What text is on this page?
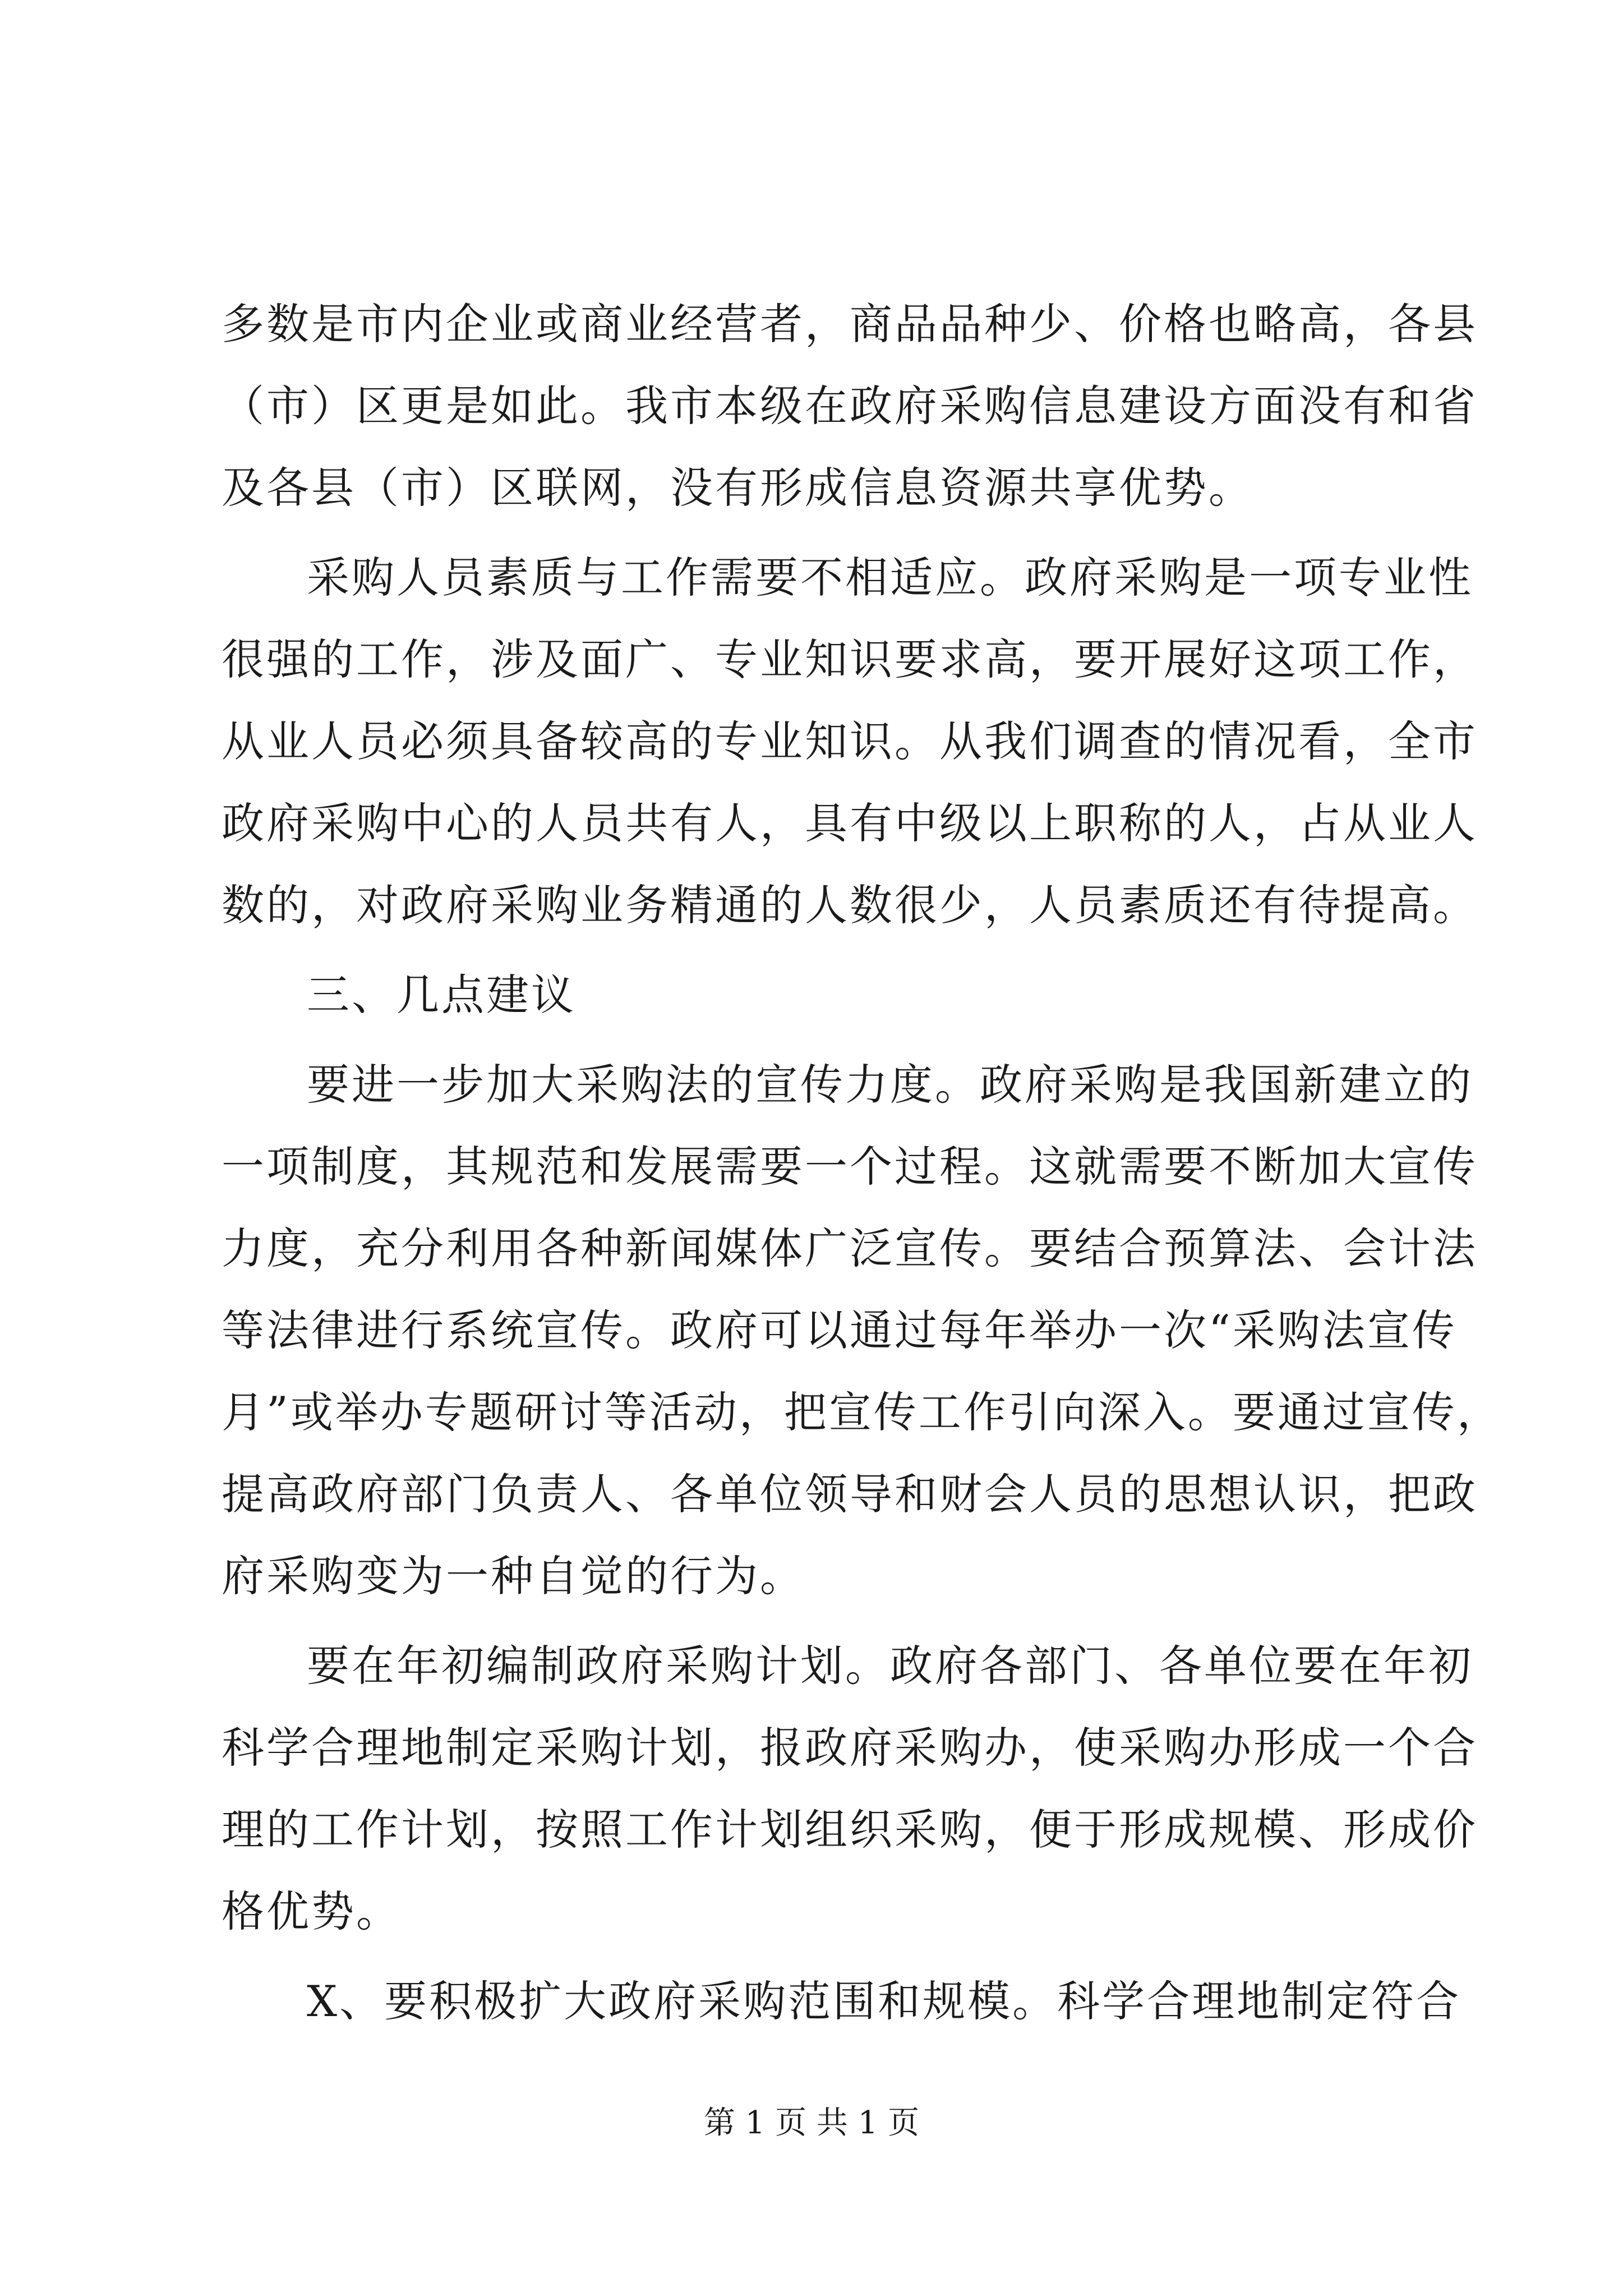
多数是市内企业或商业经营者，商品品种少、价格也略高，各县
（市）区更是如此。我市本级在政府采购信息建设方面没有和省
及各县（市）区联网，没有形成信息资源共享优势。
采购人员素质与工作需要不相适应。政府采购是一项专业性
很强的工作，涉及面广、专业知识要求高，要开展好这项工作，
从业人员必须具备较高的专业知识。从我们调查的情况看，全市
政府采购中心的人员共有人，具有中级以上职称的人，占从业人
数的，对政府采购业务精通的人数很少，人员素质还有待提高。
三、几点建议
要进一步加大采购法的宣传力度。政府采购是我国新建立的
一项制度，其规范和发展需要一个过程。这就需要不断加大宣传
力度，充分利用各种新闻媒体广泛宣传。要结合预算法、会计法
等法律进行系统宣传。政府可以通过每年举办一次“采购法宣传
月”或举办专题研讨等活动，把宣传工作引向深入。要通过宣传，
提高政府部门负责人、各单位领导和财会人员的思想认识，把政
府采购变为一种自觉的行为。
要在年初编制政府采购计划。政府各部门、各单位要在年初
科学合理地制定采购计划，报政府采购办，使采购办形成一个合
理的工作计划，按照工作计划组织采购，便于形成规模、形成价
格优势。
X、要积极扩大政府采购范围和规模。科学合理地制定符合
第 1 页 共 1 页
